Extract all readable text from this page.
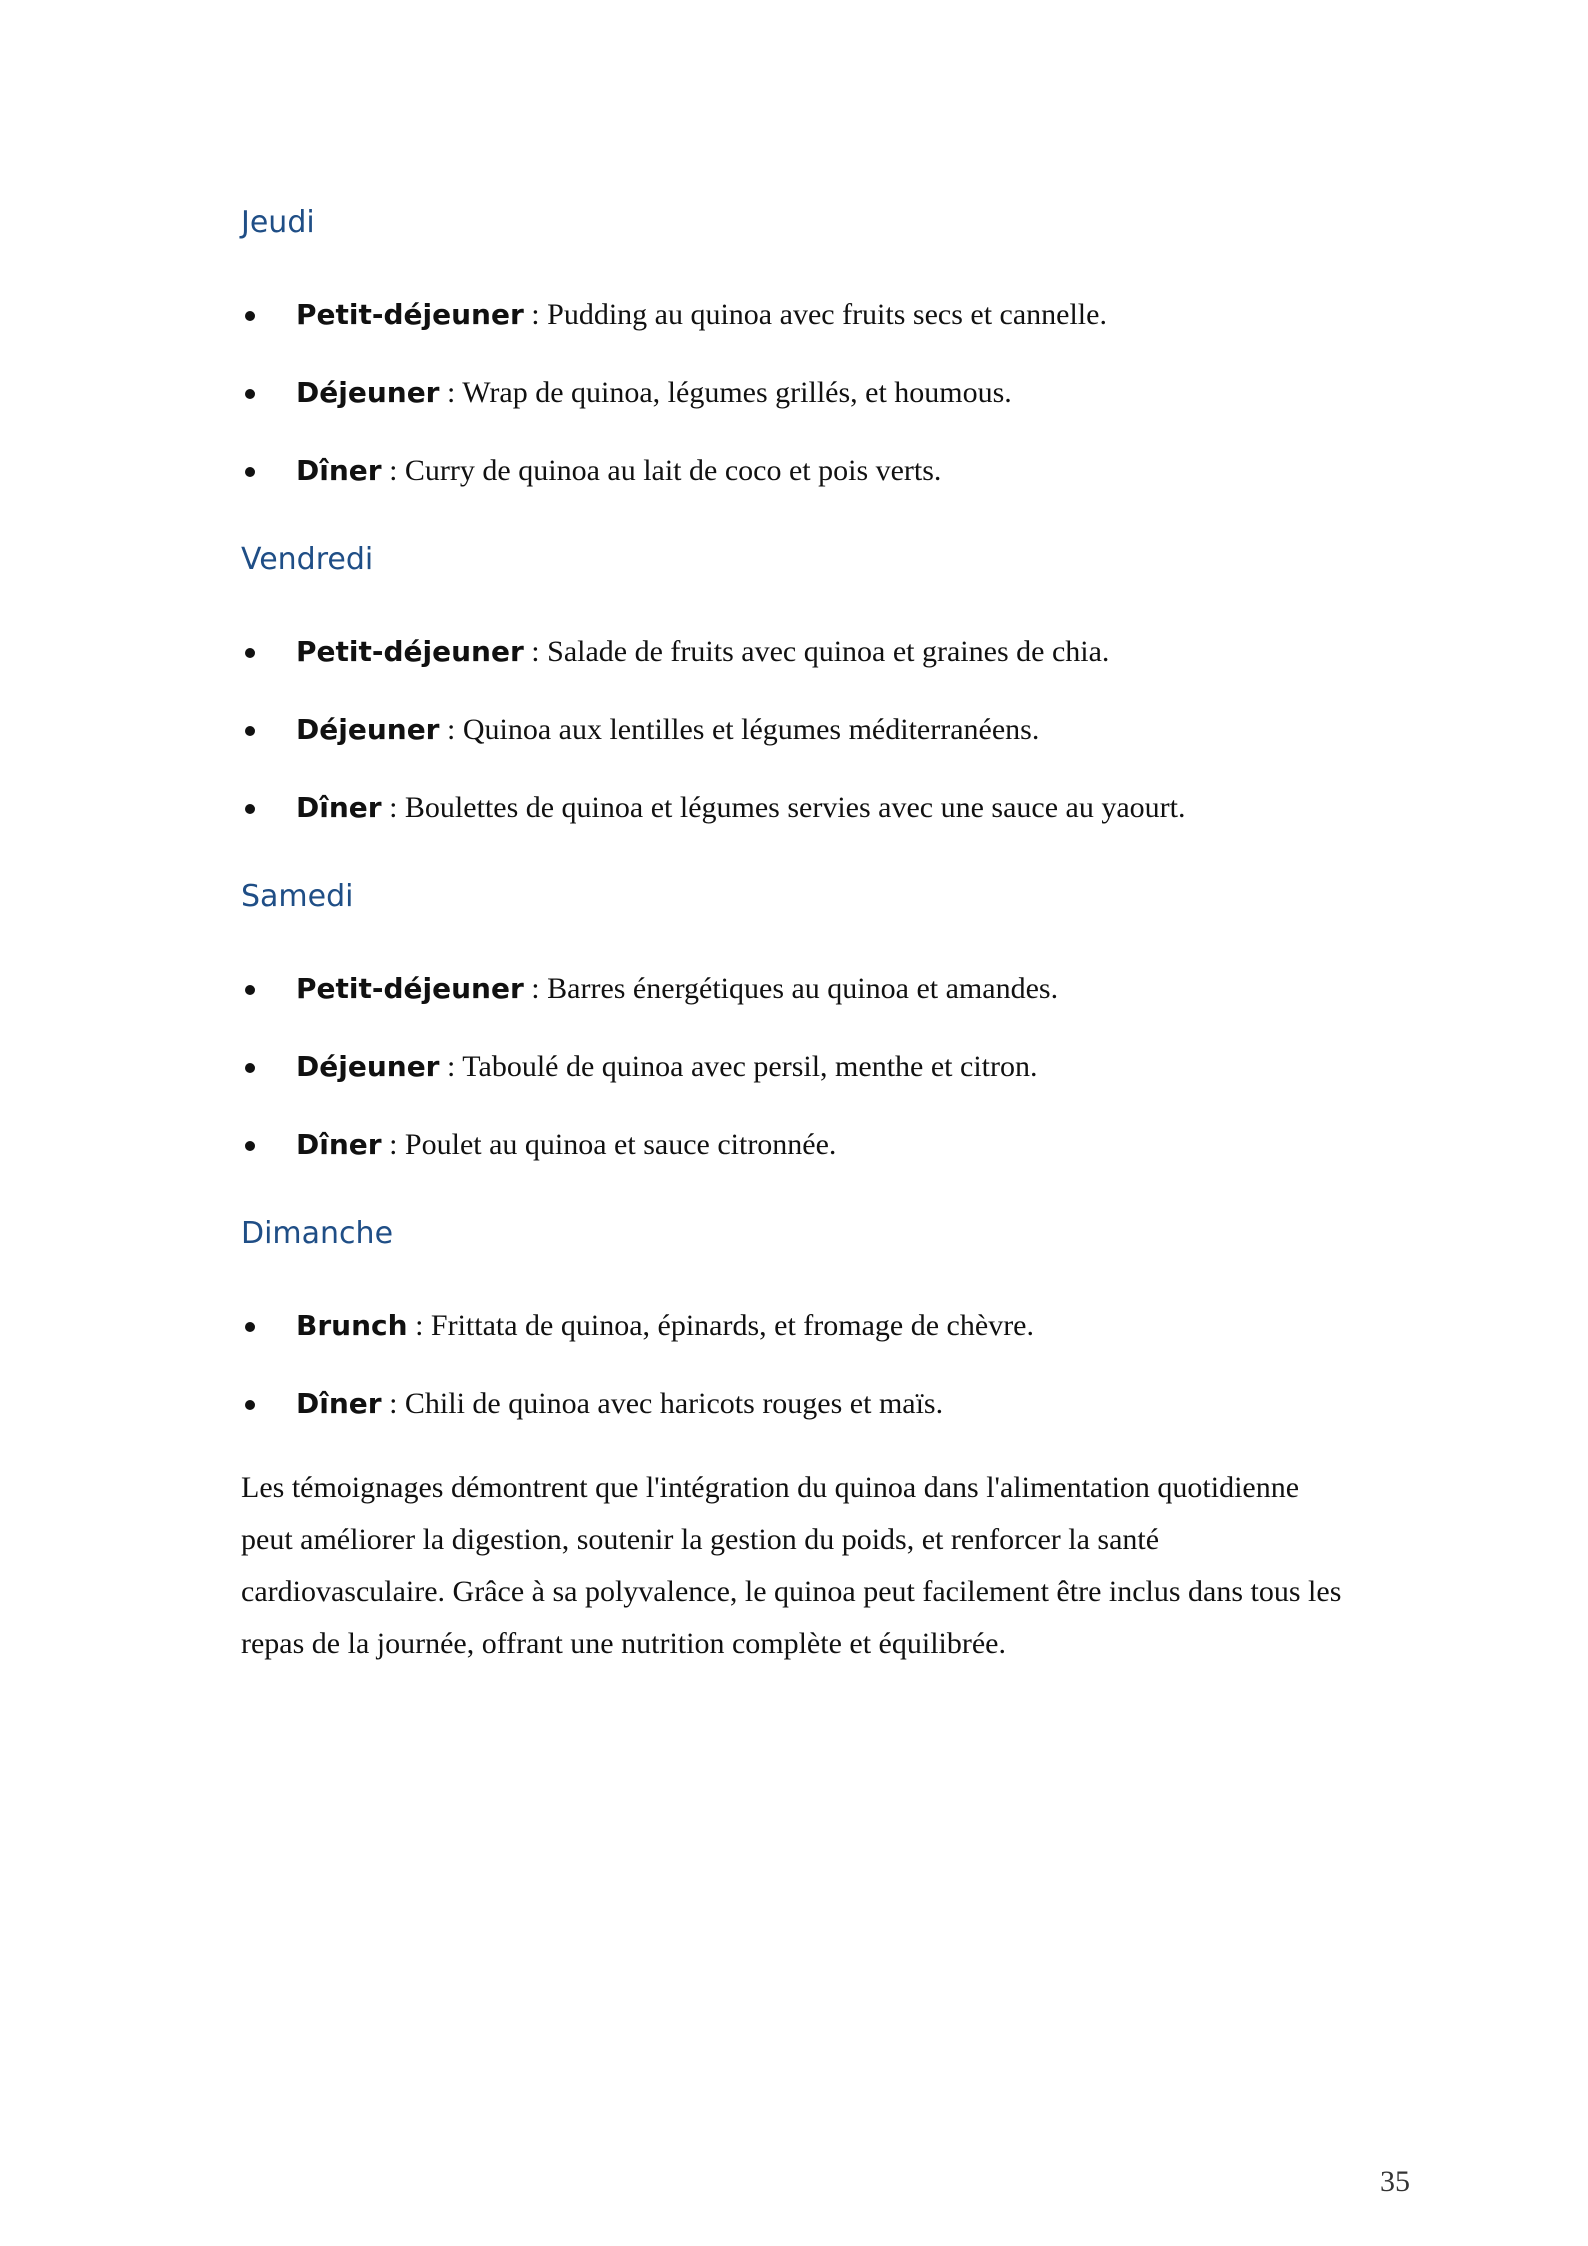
Jeudi
Petit-déjeuner : Pudding au quinoa avec fruits secs et cannelle.
Déjeuner : Wrap de quinoa, légumes grillés, et houmous.
Dîner : Curry de quinoa au lait de coco et pois verts.
Vendredi
Petit-déjeuner : Salade de fruits avec quinoa et graines de chia.
Déjeuner : Quinoa aux lentilles et légumes méditerranéens.
Dîner : Boulettes de quinoa et légumes servies avec une sauce au yaourt.
Samedi
Petit-déjeuner : Barres énergétiques au quinoa et amandes.
Déjeuner : Taboulé de quinoa avec persil, menthe et citron.
Dîner : Poulet au quinoa et sauce citronnée.
Dimanche
Brunch : Frittata de quinoa, épinards, et fromage de chèvre.
Dîner : Chili de quinoa avec haricots rouges et maïs.

Les témoignages démontrent que l'intégration du quinoa dans l'alimentation quotidienne peut améliorer la digestion, soutenir la gestion du poids, et renforcer la santé cardiovasculaire. Grâce à sa polyvalence, le quinoa peut facilement être inclus dans tous les repas de la journée, offrant une nutrition complète et équilibrée.

35
